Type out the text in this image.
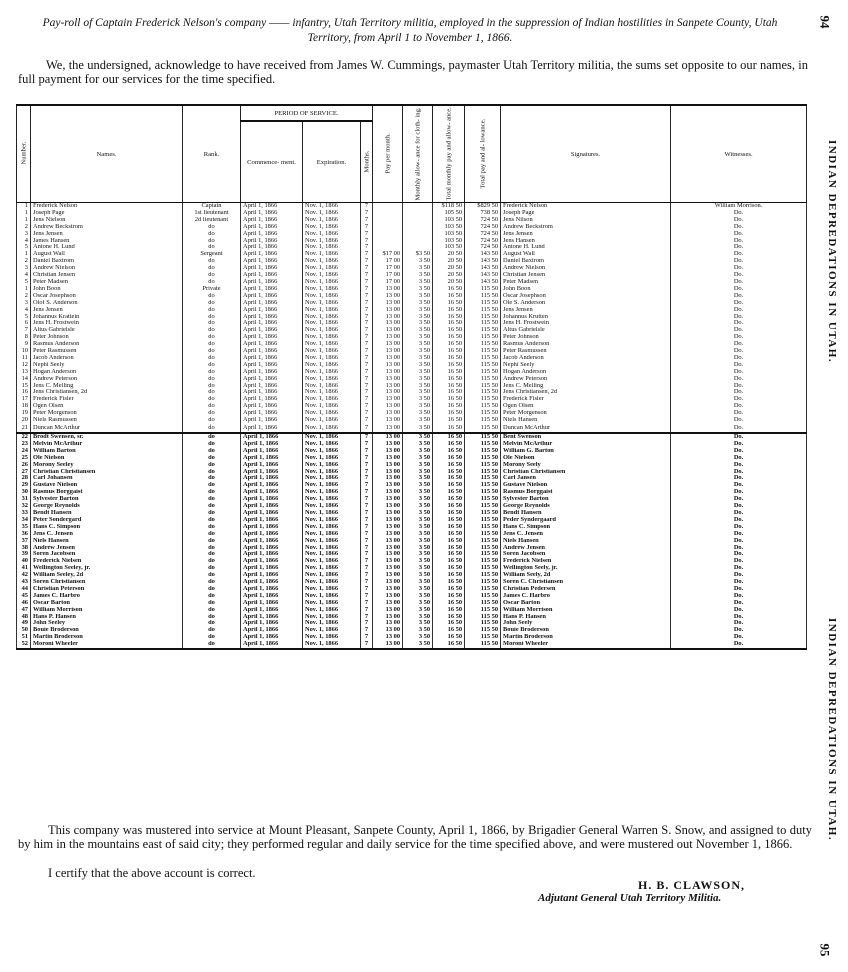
Pay-roll of Captain Frederick Nelson's company —— infantry, Utah Territory militia, employed in the suppression of Indian hostilities in Sanpete County, Utah Territory, from April 1 to November 1, 1866.
94
95
We, the undersigned, acknowledge to have received from James W. Cummings, paymaster Utah Territory militia, the sums set opposite to our names, in full payment for our services for the time specified.
INDIAN DEPREDATIONS IN UTAH.
INDIAN DEPREDATIONS IN UTAH.
Number.	Names.	Rank.	PERIOD OF SERVICE.			Pay per month.	Monthly allow- ance for cloth- ing.	Total monthly pay and allow- ance.	Total pay and al- lowance.	Signatures.	Witnesses.
			Commence- ment.	Expiration.	Months.						
1	Frederick Nelson	Captain	April 1, 1866	Nov. 1, 1866	7			$118 50	$829 50	Frederick Nelson	William Morrison.
1	Joseph Page	1st lieutenant	April 1, 1866	Nov. 1, 1866	7			105 50	738 50	Joseph Page	Do.
1	Jens Nielson	2d lieutenant	April 1, 1866	Nov. 1, 1866	7			103 50	724 50	Jens Nilson	Do.
2	Andrew Beckstrom	do	April 1, 1866	Nov. 1, 1866	7			103 50	724 50	Andrew Beckstrom	Do.
3	Jens Jensen	do	April 1, 1866	Nov. 1, 1866	7			103 50	724 50	Jens Jensen	Do.
4	James Hansen	do	April 1, 1866	Nov. 1, 1866	7			103 50	724 50	Jens Hansen	Do.
5	Antone H. Lund	do	April 1, 1866	Nov. 1, 1866	7			103 50	724 50	Antone H. Lund	Do.
1	August Wall	Sergeant	April 1, 1866	Nov. 1, 1866	7	$17 00	$3 50	20 50	143 50	August Wall	Do.
2	Daniel Baxtrom	do	April 1, 1866	Nov. 1, 1866	7	17 00	3 50	20 50	143 50	Daniel Baxtrom	Do.
3	Andrew Nielson	do	April 1, 1866	Nov. 1, 1866	7	17 00	3 50	20 50	143 50	Andrew Nielson	Do.
4	Christian Jensen	do	April 1, 1866	Nov. 1, 1866	7	17 00	3 50	20 50	143 50	Christian Jensen	Do.
5	Peter Madsen	do	April 1, 1866	Nov. 1, 1866	7	17 00	3 50	20 50	143 50	Peter Madsen	Do.
1	John Boon	Private	April 1, 1866	Nov. 1, 1866	7	13 00	3 50	16 50	115 50	John Boon	Do.
2	Oscar Josephson	do	April 1, 1866	Nov. 1, 1866	7	13 00	3 50	16 50	115 50	Oscar Josephson	Do.
3	Olof S. Anderson	do	April 1, 1866	Nov. 1, 1866	7	13 00	3 50	16 50	115 50	Ole S. Anderson	Do.
4	Jens Jensen	do	April 1, 1866	Nov. 1, 1866	7	13 00	3 50	16 50	115 50	Jens Jensen	Do.
5	Johannus Krattein	do	April 1, 1866	Nov. 1, 1866	7	13 00	3 50	16 50	115 50	Johannus Krutten	Do.
6	Jens H. Frostwein	do	April 1, 1866	Nov. 1, 1866	7	13 00	3 50	16 50	115 50	Jens H. Frostwein	Do.
7	Altus Gabrielsle	do	April 1, 1866	Nov. 1, 1866	7	13 00	3 50	16 50	115 50	Altus Gabrielsle	Do.
8	Peter Johnson	do	April 1, 1866	Nov. 1, 1866	7	13 00	3 50	16 50	115 50	Peter Johnson	Do.
9	Rasmus Anderson	do	April 1, 1866	Nov. 1, 1866	7	13 00	3 50	16 50	115 50	Rasmus Anderson	Do.
10	Peter Rasmussen	do	April 1, 1866	Nov. 1, 1866	7	13 00	3 50	16 50	115 50	Peter Rasmussen	Do.
11	Jacob Anderson	do	April 1, 1866	Nov. 1, 1866	7	13 00	3 50	16 50	115 50	Jacob Anderson	Do.
12	Nephi Seely	do	April 1, 1866	Nov. 1, 1866	7	13 00	3 50	16 50	115 50	Nephi Seely	Do.
13	Hogan Anderson	do	April 1, 1866	Nov. 1, 1866	7	13 00	3 50	16 50	115 50	Hogan Anderson	Do.
14	Andrew Peterson	do	April 1, 1866	Nov. 1, 1866	7	13 00	3 50	16 50	115 50	Andrew Peterson	Do.
15	Jens C. Melling	do	April 1, 1866	Nov. 1, 1866	7	13 00	3 50	16 50	115 50	Jens C. Melling	Do.
16	Jens Christiansen, 2d	do	April 1, 1866	Nov. 1, 1866	7	13 00	3 50	16 50	115 50	Jens Christiansen, 2d	Do.
17	Frederick Fisler	do	April 1, 1866	Nov. 1, 1866	7	13 00	3 50	16 50	115 50	Frederick Fisler	Do.
18	Ogen Olsen	do	April 1, 1866	Nov. 1, 1866	7	13 00	3 50	16 50	115 50	Ogen Olsen	Do.
19	Peter Morgenson	do	April 1, 1866	Nov. 1, 1866	7	13 00	3 50	16 50	115 50	Peter Morgenson	Do.
20	Niels Rasmussen	do	April 1, 1866	Nov. 1, 1866	7	13 00	3 50	16 50	115 50	Niels Hansen	Do.
21	Duncan McArthur	do	April 1, 1866	Nov. 1, 1866	7	13 00	3 50	16 50	115 50	Duncan McArthur	Do.
22	Brodt Swensen, sr.	do	April 1, 1866	Nov. 1, 1866	7	13 00	3 50	16 50	115 50	Bent Swenson	Do.
23	Melvin McArthur	do	April 1, 1866	Nov. 1, 1866	7	13 00	3 50	16 50	115 50	Melvin McArthur	Do.
24	William Barton	do	April 1, 1866	Nov. 1, 1866	7	13 00	3 50	16 50	115 50	William G. Barton	Do.
25	Ole Nielson	do	April 1, 1866	Nov. 1, 1866	7	13 00	3 50	16 50	115 50	Ole Nielson	Do.
26	Morony Seeley	do	April 1, 1866	Nov. 1, 1866	7	13 00	3 50	16 50	115 50	Morony Seely	Do.
27	Christian Christiansen	do	April 1, 1866	Nov. 1, 1866	7	13 00	3 50	16 50	115 50	Christian Christiansen	Do.
28	Carl Johansen	do	April 1, 1866	Nov. 1, 1866	7	13 00	3 50	16 50	115 50	Carl Jansen	Do.
29	Gustave Nielson	do	April 1, 1866	Nov. 1, 1866	7	13 00	3 50	16 50	115 50	Gustave Nielson	Do.
30	Rasmus Borggaist	do	April 1, 1866	Nov. 1, 1866	7	13 00	3 50	16 50	115 50	Rasmus Borggaist	Do.
31	Sylvester Barton	do	April 1, 1866	Nov. 1, 1866	7	13 00	3 50	16 50	115 50	Sylvester Barton	Do.
32	George Reynolds	do	April 1, 1866	Nov. 1, 1866	7	13 00	3 50	16 50	115 50	George Reynolds	Do.
33	Bendt Hansen	do	April 1, 1866	Nov. 1, 1866	7	13 00	3 50	16 50	115 50	Bendt Hansen	Do.
34	Peter Sondergard	do	April 1, 1866	Nov. 1, 1866	7	13 00	3 50	16 50	115 50	Peder Syndergaard	Do.
35	Hans C. Simpson	do	April 1, 1866	Nov. 1, 1866	7	13 00	3 50	16 50	115 50	Hans C. Simpson	Do.
36	Jens C. Jensen	do	April 1, 1866	Nov. 1, 1866	7	13 00	3 50	16 50	115 50	Jens C. Jensen	Do.
37	Niels Hansen	do	April 1, 1866	Nov. 1, 1866	7	13 00	3 50	16 50	115 50	Niels Hansen	Do.
38	Andrew Jensen	do	April 1, 1866	Nov. 1, 1866	7	13 00	3 50	16 50	115 50	Andrew Jensen	Do.
39	Soren Jacobsen	do	April 1, 1866	Nov. 1, 1866	7	13 00	3 50	16 50	115 50	Soren Jacobsen	Do.
40	Frederick Nielsen	do	April 1, 1866	Nov. 1, 1866	7	13 00	3 50	16 50	115 50	Frederick Nielsen	Do.
41	Wellington Seeley, jr.	do	April 1, 1866	Nov. 1, 1866	7	13 00	3 50	16 50	115 50	Wellington Seely, jr.	Do.
42	William Seeley, 2d	do	April 1, 1866	Nov. 1, 1866	7	13 00	3 50	16 50	115 50	William Seely, 2d	Do.
43	Soren Christiansen	do	April 1, 1866	Nov. 1, 1866	7	13 00	3 50	16 50	115 50	Soren C. Christiansen	Do.
44	Christian Peterson	do	April 1, 1866	Nov. 1, 1866	7	13 00	3 50	16 50	115 50	Christian Pedersen	Do.
45	James C. Harbro	do	April 1, 1866	Nov. 1, 1866	7	13 00	3 50	16 50	115 50	James C. Harbro	Do.
46	Oscar Barton	do	April 1, 1866	Nov. 1, 1866	7	13 00	3 50	16 50	115 50	Oscar Barton	Do.
47	William Morrison	do	April 1, 1866	Nov. 1, 1866	7	13 00	3 50	16 50	115 50	William Morrison	Do.
48	Hans P. Hansen	do	April 1, 1866	Nov. 1, 1866	7	13 00	3 50	16 50	115 50	Hans P. Hansen	Do.
49	John Seeley	do	April 1, 1866	Nov. 1, 1866	7	13 00	3 50	16 50	115 50	John Seely	Do.
50	Bouie Broderson	do	April 1, 1866	Nov. 1, 1866	7	13 00	3 50	16 50	115 50	Bouie Broderson	Do.
51	Martin Broderson	do	April 1, 1866	Nov. 1, 1866	7	13 00	3 50	16 50	115 50	Martin Broderson	Do.
52	Moroni Wheeler	do	April 1, 1866	Nov. 1, 1866	7	13 00	3 50	16 50	115 50	Moroni Wheeler	Do.
This company was mustered into service at Mount Pleasant, Sanpete County, April 1, 1866, by Brigadier General Warren S. Snow, and assigned to duty by him in the mountains east of said city; they performed regular and daily service for the time specified above, and were mustered out November 1, 1866.
I certify that the above account is correct.
H. B. CLAWSON,
Adjutant General Utah Territory Militia.
